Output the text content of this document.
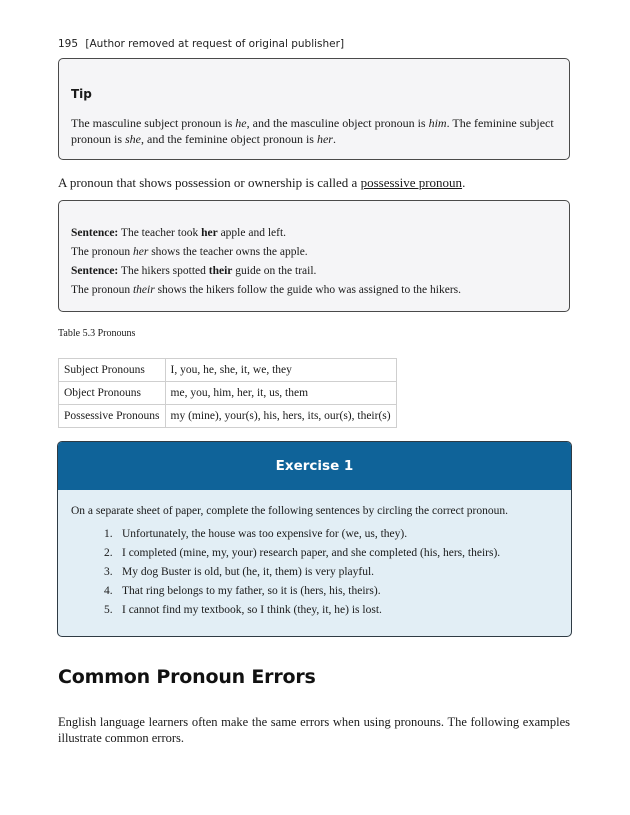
195 [Author removed at request of original publisher]
Tip
The masculine subject pronoun is he, and the masculine object pronoun is him. The feminine subject pronoun is she, and the feminine object pronoun is her.
A pronoun that shows possession or ownership is called a possessive pronoun.
Sentence: The teacher took her apple and left.
The pronoun her shows the teacher owns the apple.
Sentence: The hikers spotted their guide on the trail.
The pronoun their shows the hikers follow the guide who was assigned to the hikers.
Table 5.3 Pronouns
Subject Pronouns	I, you, he, she, it, we, they
Object Pronouns	me, you, him, her, it, us, them
Possessive Pronouns	my (mine), your(s), his, hers, its, our(s), their(s)
Exercise 1
On a separate sheet of paper, complete the following sentences by circling the correct pronoun.
1. Unfortunately, the house was too expensive for (we, us, they).
2. I completed (mine, my, your) research paper, and she completed (his, hers, theirs).
3. My dog Buster is old, but (he, it, them) is very playful.
4. That ring belongs to my father, so it is (hers, his, theirs).
5. I cannot find my textbook, so I think (they, it, he) is lost.
Common Pronoun Errors
English language learners often make the same errors when using pronouns. The following examples illustrate common errors.
